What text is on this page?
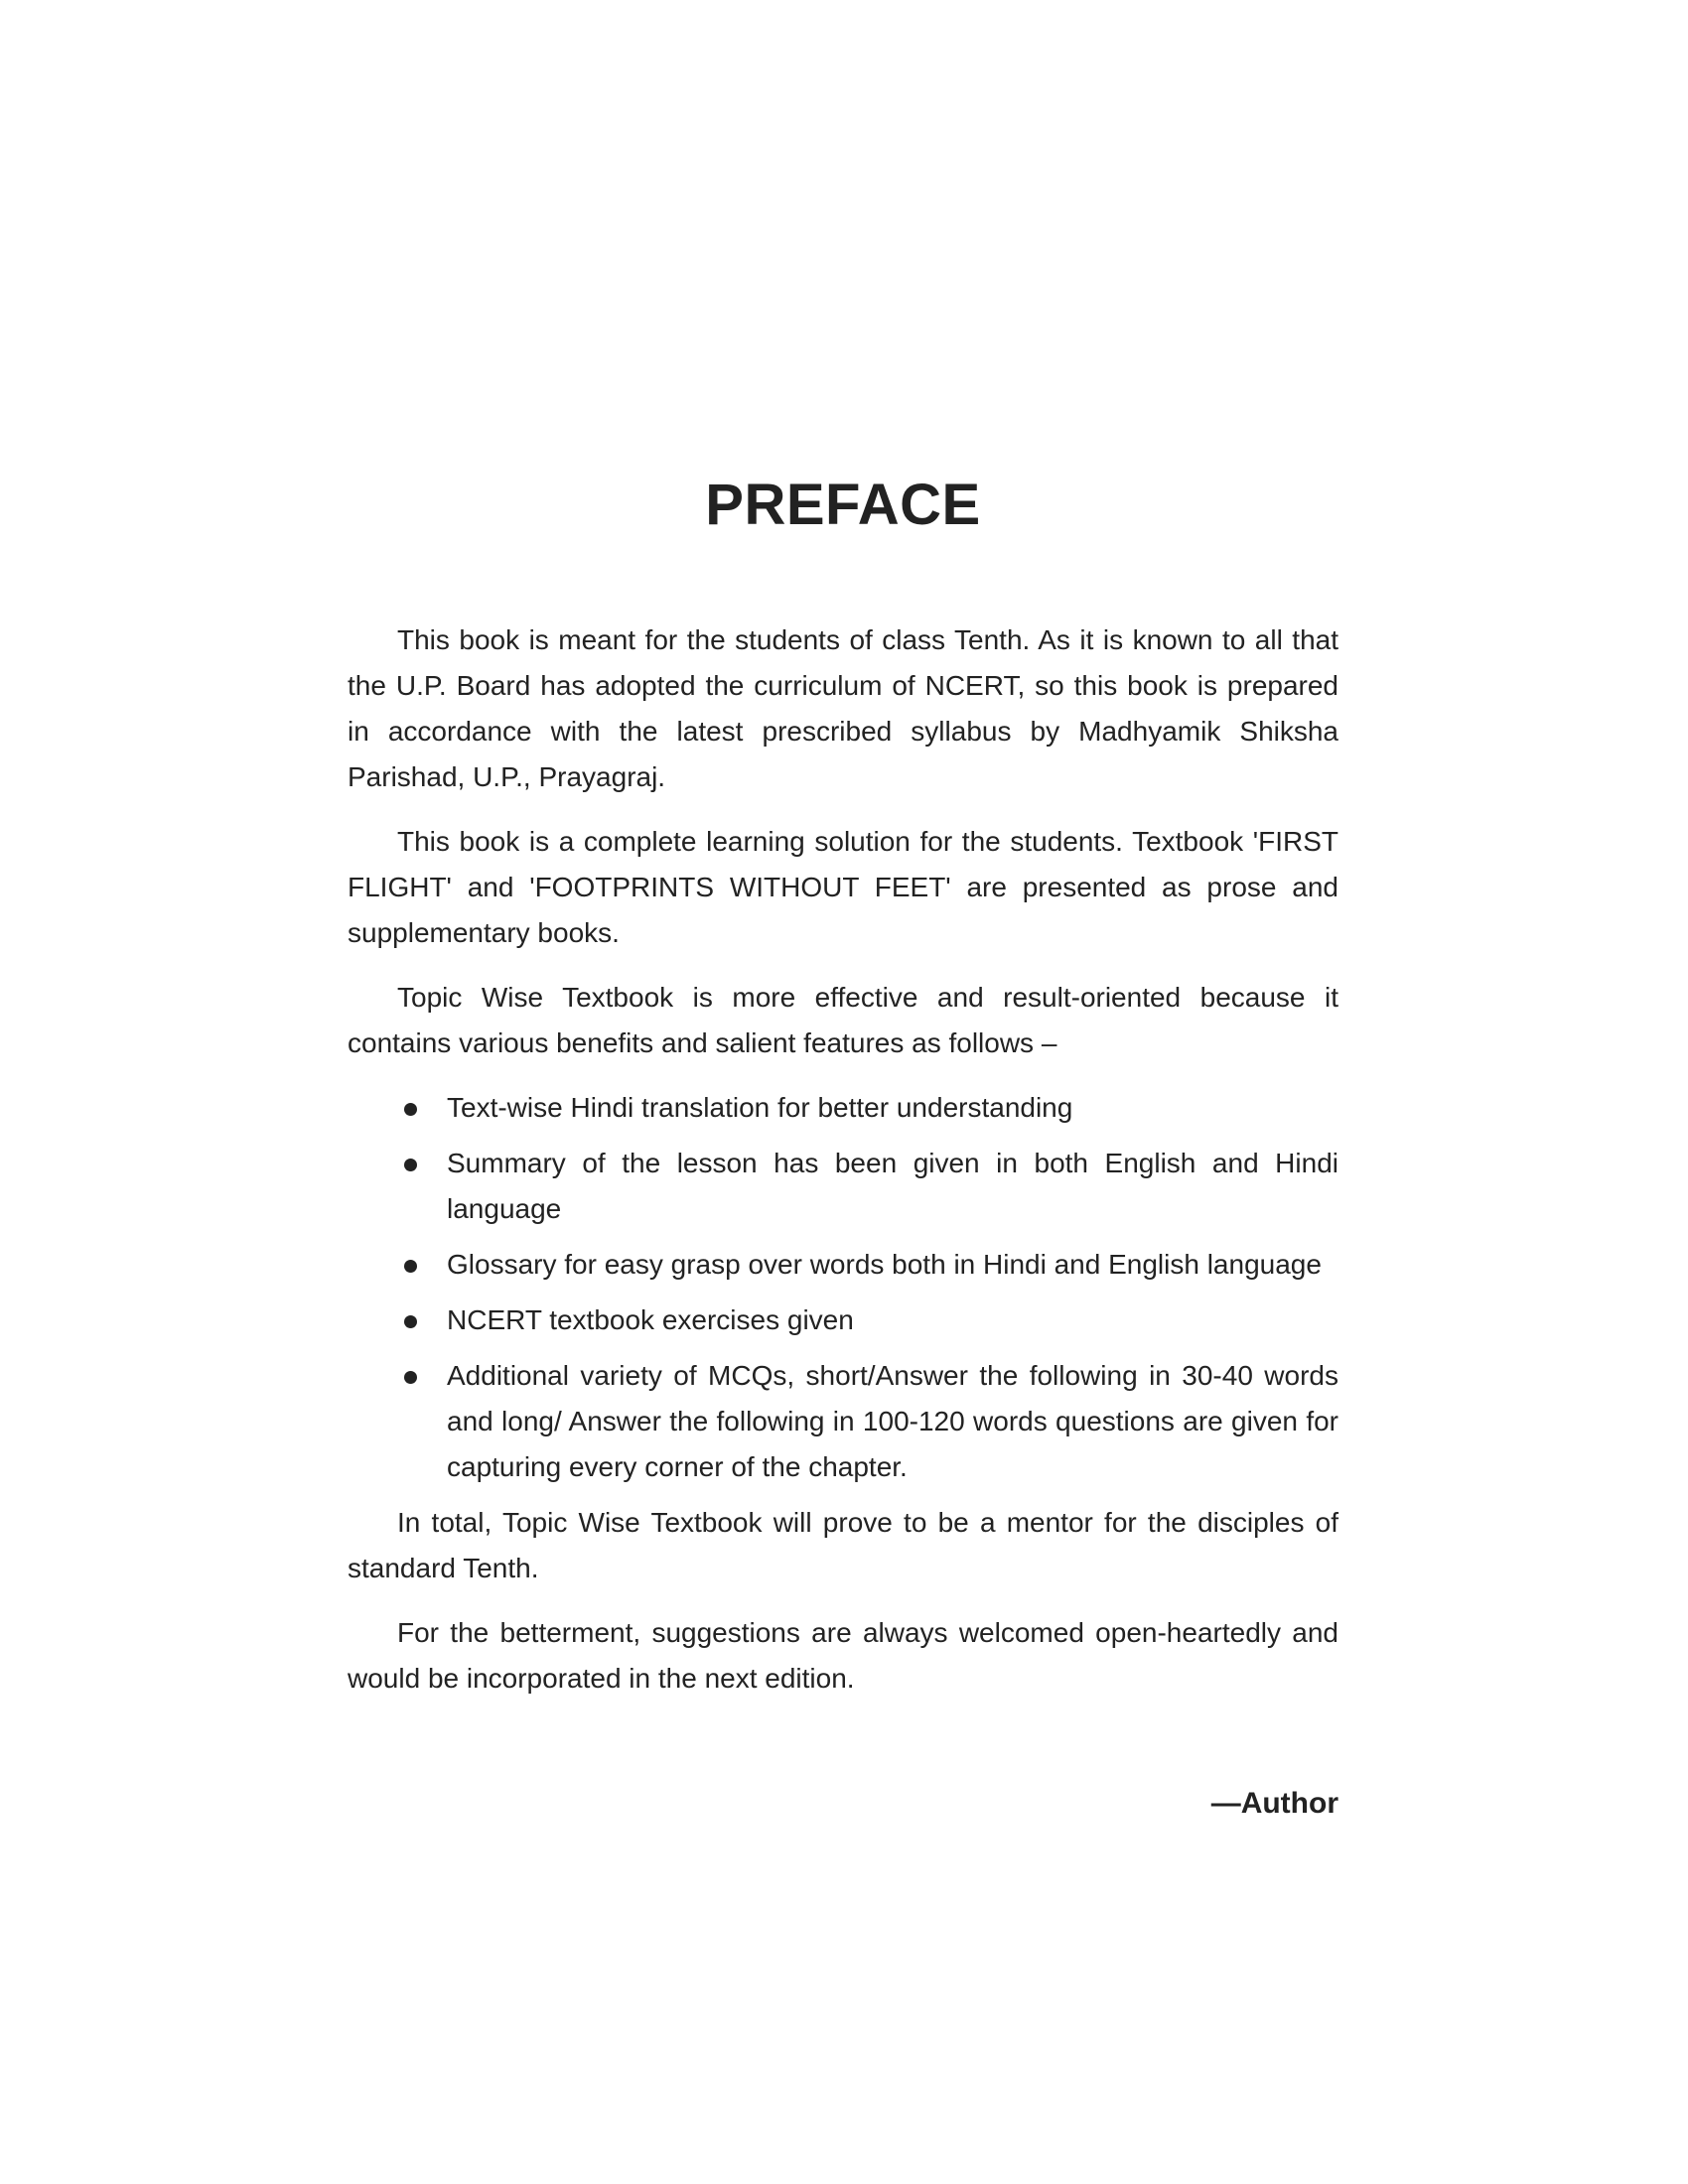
PREFACE

This book is meant for the students of class Tenth. As it is known to all that the U.P. Board has adopted the curriculum of NCERT, so this book is prepared in accordance with the latest prescribed syllabus by Madhyamik Shiksha Parishad, U.P., Prayagraj.

This book is a complete learning solution for the students. Textbook 'FIRST FLIGHT' and 'FOOTPRINTS WITHOUT FEET' are presented as prose and supplementary books.

Topic Wise Textbook is more effective and result-oriented because it contains various benefits and salient features as follows –

Text-wise Hindi translation for better understanding
Summary of the lesson has been given in both English and Hindi language
Glossary for easy grasp over words both in Hindi and English language
NCERT textbook exercises given
Additional variety of MCQs, short/Answer the following in 30-40 words and long/ Answer the following in 100-120 words questions are given for capturing every corner of the chapter.

In total, Topic Wise Textbook will prove to be a mentor for the disciples of standard Tenth.

For the betterment, suggestions are always welcomed open-heartedly and would be incorporated in the next edition.

—Author
